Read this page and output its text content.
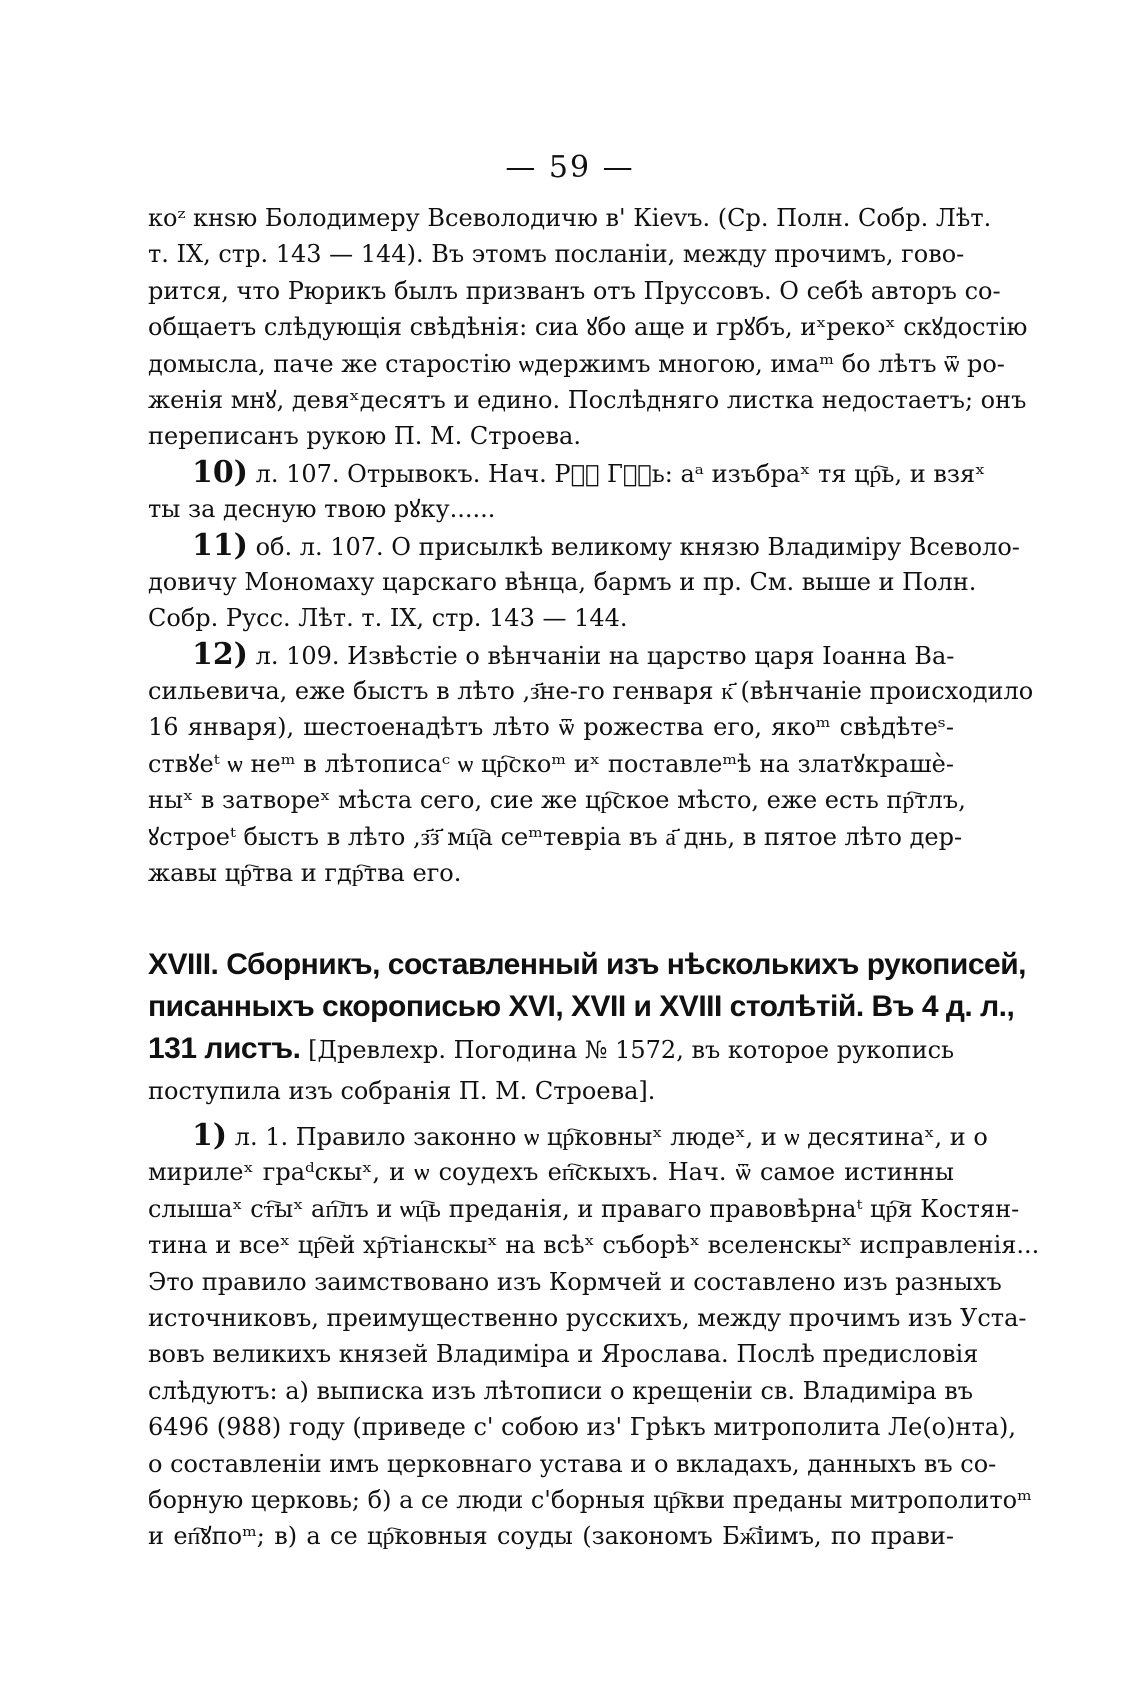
— 59 —
коᶻ кнѕю Болодимеру Всеволодичю в' Кievъ. (Ср. Полн. Собр. Лѣт.
т. IX, стр. 143 — 144). Въ этомъ посланіи, между прочимъ, гово-
рится, что Рюрикъ былъ призванъ отъ Пруссовъ. О себѣ авторъ со-
общаетъ слѣдующія свѣдѣнія: сиа ꙋбо аще и грꙋбъ, иˣрекоˣ скꙋдостію
домысла, паче же старостію ѡдержимъ многою, имаᵐ бо лѣтъ ѿ ро-
женія мнꙋ, девяˣдесятъ и едино. Послѣдняго листка недостаетъ; онъ
переписанъ рукою П. М. Строева.
10) л. 107. Отрывокъ. Нач. Рⷱ҇ Гⷣ҇ь: аᵃ изъбраˣ тя цр҇ь, и взяˣ
ты за десную твою рꙋку......
11) об. л. 107. О присылкѣ великому князю Владиміру Всеволо-
довичу Мономаху царскаго вѣнца, бармъ и пр. См. выше и Полн.
Собр. Русс. Лѣт. т. IX, стр. 143 — 144.
12) л. 109. Извѣстіе о вѣнчаніи на царство царя Іоанна Ва-
сильевича, еже быстъ в лѣто ‚з҃не-го генваря к҃ (вѣнчаніе происходило
16 января), шестоенадѣтъ лѣто ѿ рожества его, якоᵐ свѣдѣтеˢ-
ствꙋеᵗ ѡ неᵐ в лѣтописаᶜ ѡ цр҇скоᵐ иˣ поставлеᵐѣ на златꙋкрашѐ-
ныˣ в затвореˣ мѣста сего, сие же цр҇ское мѣсто, еже есть пр҇тлъ,
ꙋстроеᵗ быстъ в лѣто ‚з҃з҃ мц҇а сеᵐтевріа въ а҃ днь, в пятое лѣто дер-
жавы цр҇тва и гдр҇тва его.
XVIII. Сборникъ, составленный изъ нѣсколькихъ рукописей,
писанныхъ скорописью XVI, XVII и XVIII столѣтій. Въ 4 д. л.,
131 листъ. [Древлехр. Погодина № 1572, въ которое рукопись
поступила изъ собранія П. М. Строева].
1) л. 1. Правило законно ѡ цр҇ковныˣ людеˣ, и ѡ десятинаˣ, и о
мирилеˣ граᵈскыˣ, и ѡ соудехъ еп҇скыхъ. Нач. ѿ самое истинны
слышаˣ ст҇ыˣ ап҇лъ и ѡц҇ь преданія, и праваго правовѣрнаᵗ цр҇я Костян-
тина и всеˣ цр҇ей хр҇тіанскыˣ на всѣˣ съборѣˣ вселенскыˣ исправленія...
Это правило заимствовано изъ Кормчей и составлено изъ разныхъ
источниковъ, преимущественно русскихъ, между прочимъ изъ Уста-
вовъ великихъ князей Владиміра и Ярослава. Послѣ предисловія
слѣдуютъ: а) выписка изъ лѣтописи о крещеніи св. Владиміра въ
6496 (988) году (приведе с' собою из' Грѣкъ митрополита Ле(о)нта),
о составленіи имъ церковнаго устава и о вкладахъ, данныхъ въ со-
борную церковь; б) а се люди с'борныя цр҇кви преданы митрополитоᵐ
и еп҇ꙋпоᵐ; в) а се цр҇ковныя соуды (закономъ Бж҇іимъ, по прави-
